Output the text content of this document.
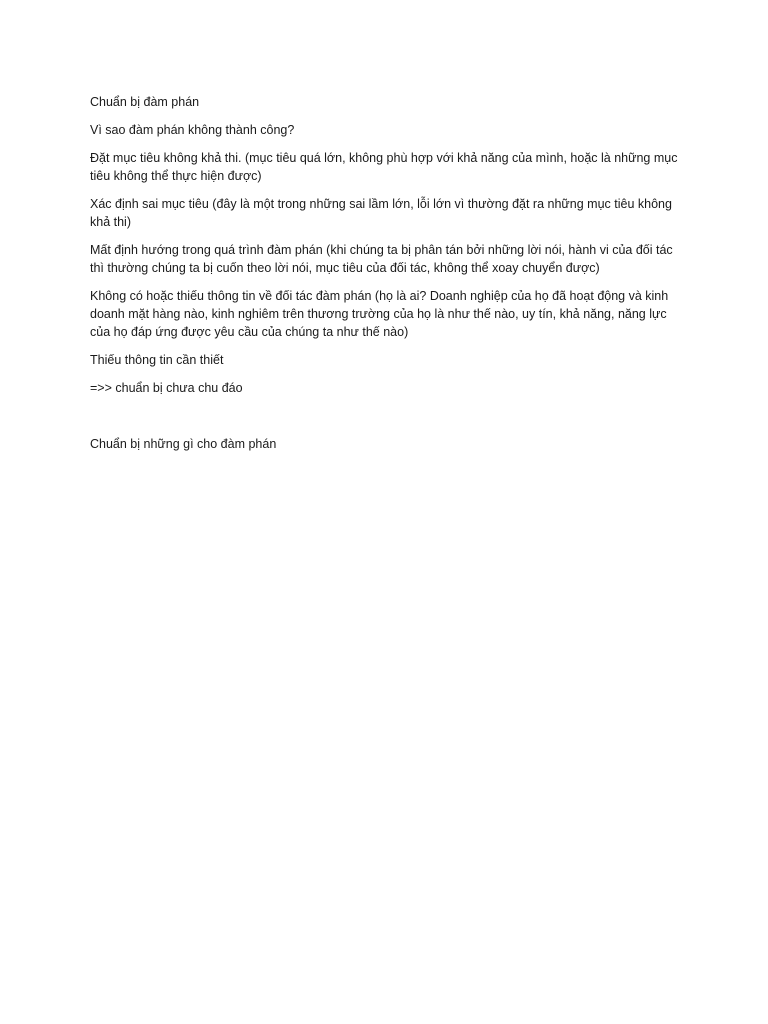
Chuẩn bị đàm phán

Vì sao đàm phán không thành công?

Đặt mục tiêu không khả thi. (mục tiêu quá lớn, không phù hợp với khả năng của mình, hoặc là những mục tiêu không thể thực hiện được)

Xác định sai mục tiêu (đây là một trong những sai lầm lớn, lỗi lớn vì thường đặt ra những mục tiêu không khả thi)

Mất định hướng trong quá trình đàm phán (khi chúng ta bị phân tán bởi những lời nói, hành vi của đối tác thì thường chúng ta bị cuốn theo lời nói, mục tiêu của đối tác, không thể xoay chuyển được)

Không có hoặc thiếu thông tin về đối tác đàm phán (họ là ai? Doanh nghiệp của họ đã hoạt động và kinh doanh mặt hàng nào, kinh nghiêm trên thương trường của họ là như thế nào, uy tín, khả năng, năng lực của họ đáp ứng được yêu cầu của chúng ta như thế nào)

Thiếu thông tin cần thiết

=>> chuẩn bị chưa chu đáo

Chuẩn bị những gì cho đàm phán
